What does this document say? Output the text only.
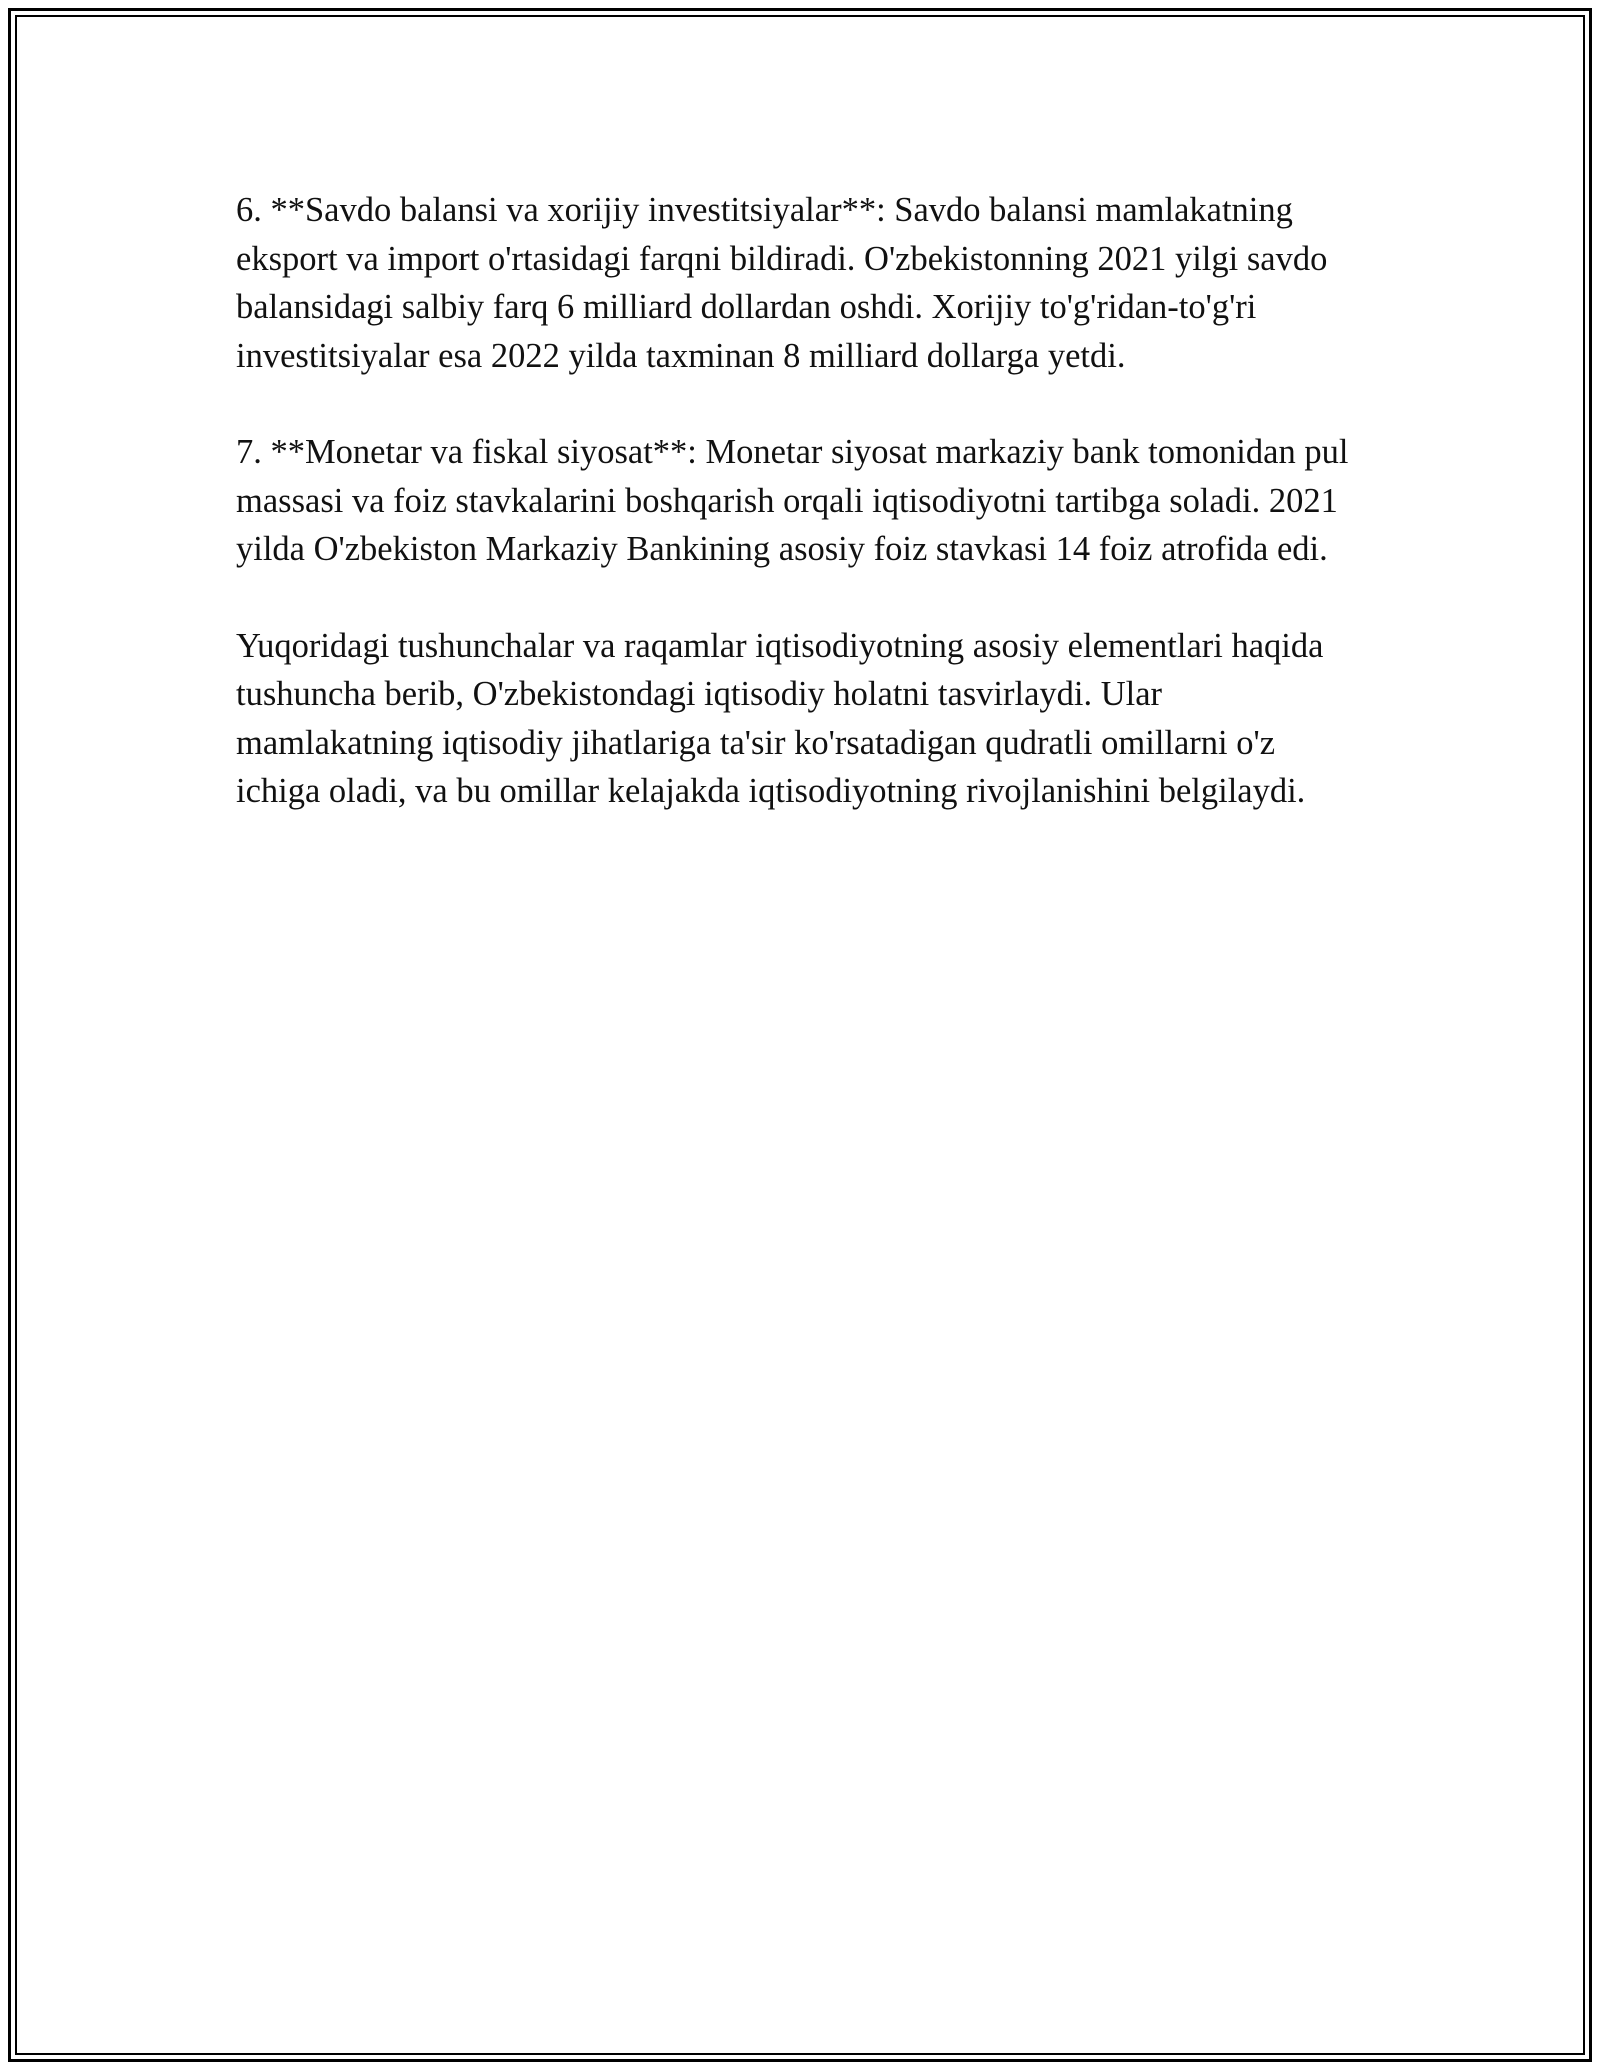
6. **Savdo balansi va xorijiy investitsiyalar**: Savdo balansi mamlakatning eksport va import o'rtasidagi farqni bildiradi. O'zbekistonning 2021 yilgi savdo balansidagi salbiy farq 6 milliard dollardan oshdi. Xorijiy to'g'ridan-to'g'ri investitsiyalar esa 2022 yilda taxminan 8 milliard dollarga yetdi.

7. **Monetar va fiskal siyosat**: Monetar siyosat markaziy bank tomonidan pul massasi va foiz stavkalarini boshqarish orqali iqtisodiyotni tartibga soladi. 2021 yilda O'zbekiston Markaziy Bankining asosiy foiz stavkasi 14 foiz atrofida edi.

Yuqoridagi tushunchalar va raqamlar iqtisodiyotning asosiy elementlari haqida tushuncha berib, O'zbekistondagi iqtisodiy holatni tasvirlaydi. Ular mamlakatning iqtisodiy jihatlariga ta'sir ko'rsatadigan qudratli omillarni o'z ichiga oladi, va bu omillar kelajakda iqtisodiyotning rivojlanishini belgilaydi.
